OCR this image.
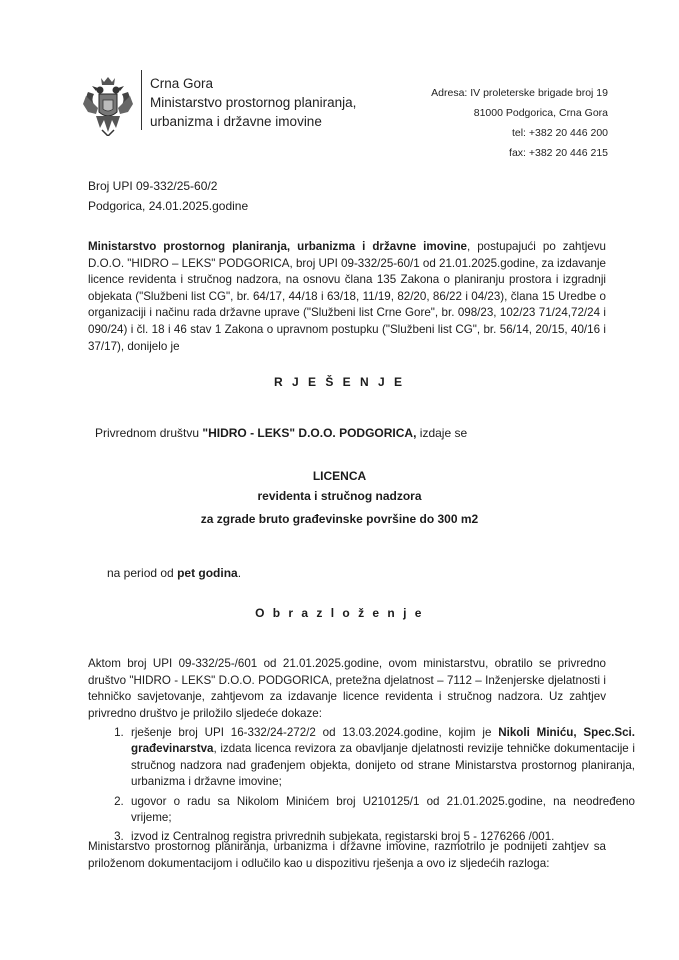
Crna Gora
Ministarstvo prostornog planiranja,
urbanizma i državne imovine
Adresa: IV proleterske brigade broj 19
81000 Podgorica, Crna Gora
tel: +382 20 446 200
fax: +382 20 446 215
Broj UPI 09-332/25-60/2
Podgorica, 24.01.2025.godine
Ministarstvo prostornog planiranja, urbanizma i državne imovine, postupajući po zahtjevu D.O.O. "HIDRO – LEKS" PODGORICA, broj UPI 09-332/25-60/1 od 21.01.2025.godine, za izdavanje licence revidenta i stručnog nadzora, na osnovu člana 135 Zakona o planiranju prostora i izgradnji objekata ("Službeni list CG", br. 64/17, 44/18 i 63/18, 11/19, 82/20, 86/22 i 04/23), člana 15 Uredbe o organizaciji i načinu rada državne uprave ("Službeni list Crne Gore", br. 098/23, 102/23 71/24,72/24 i 090/24) i čl. 18 i 46 stav 1 Zakona o upravnom postupku ("Službeni list CG", br. 56/14, 20/15, 40/16 i 37/17), donijelo je
R J E Š E N J E
Privrednom društvu "HIDRO - LEKS" D.O.O. PODGORICA, izdaje se
LICENCA
revidenta i stručnog nadzora
za zgrade bruto građevinske površine do 300 m2
na period od pet godina.
O b r a z l o ž e n j e
Aktom broj UPI 09-332/25-/601 od 21.01.2025.godine, ovom ministarstvu, obratilo se privredno društvo "HIDRO - LEKS" D.O.O. PODGORICA, pretežna djelatnost – 7112 – Inženjerske djelatnosti i tehničko savjetovanje, zahtjevom za izdavanje licence revidenta i stručnog nadzora. Uz zahtjev privredno društvo je priložilo sljedeće dokaze:
1. rješenje broj UPI 16-332/24-272/2 od 13.03.2024.godine, kojim je Nikoli Miniću, Spec.Sci. građevinarstva, izdata licenca revizora za obavljanje djelatnosti revizije tehničke dokumentacije i stručnog nadzora nad građenjem objekta, donijeto od strane Ministarstva prostornog planiranja, urbanizma i državne imovine;
2. ugovor o radu sa Nikolom Minićem broj U210125/1 od 21.01.2025.godine, na neodređeno vrijeme;
3. izvod iz Centralnog registra privrednih subjekata, registarski broj 5 - 1276266 /001.
Ministarstvo prostornog planiranja, urbanizma i državne imovine, razmotrilo je podnijeti zahtjev sa priloženom dokumentacijom i odlučilo kao u dispozitivu rješenja a ovo iz sljedećih razloga:
